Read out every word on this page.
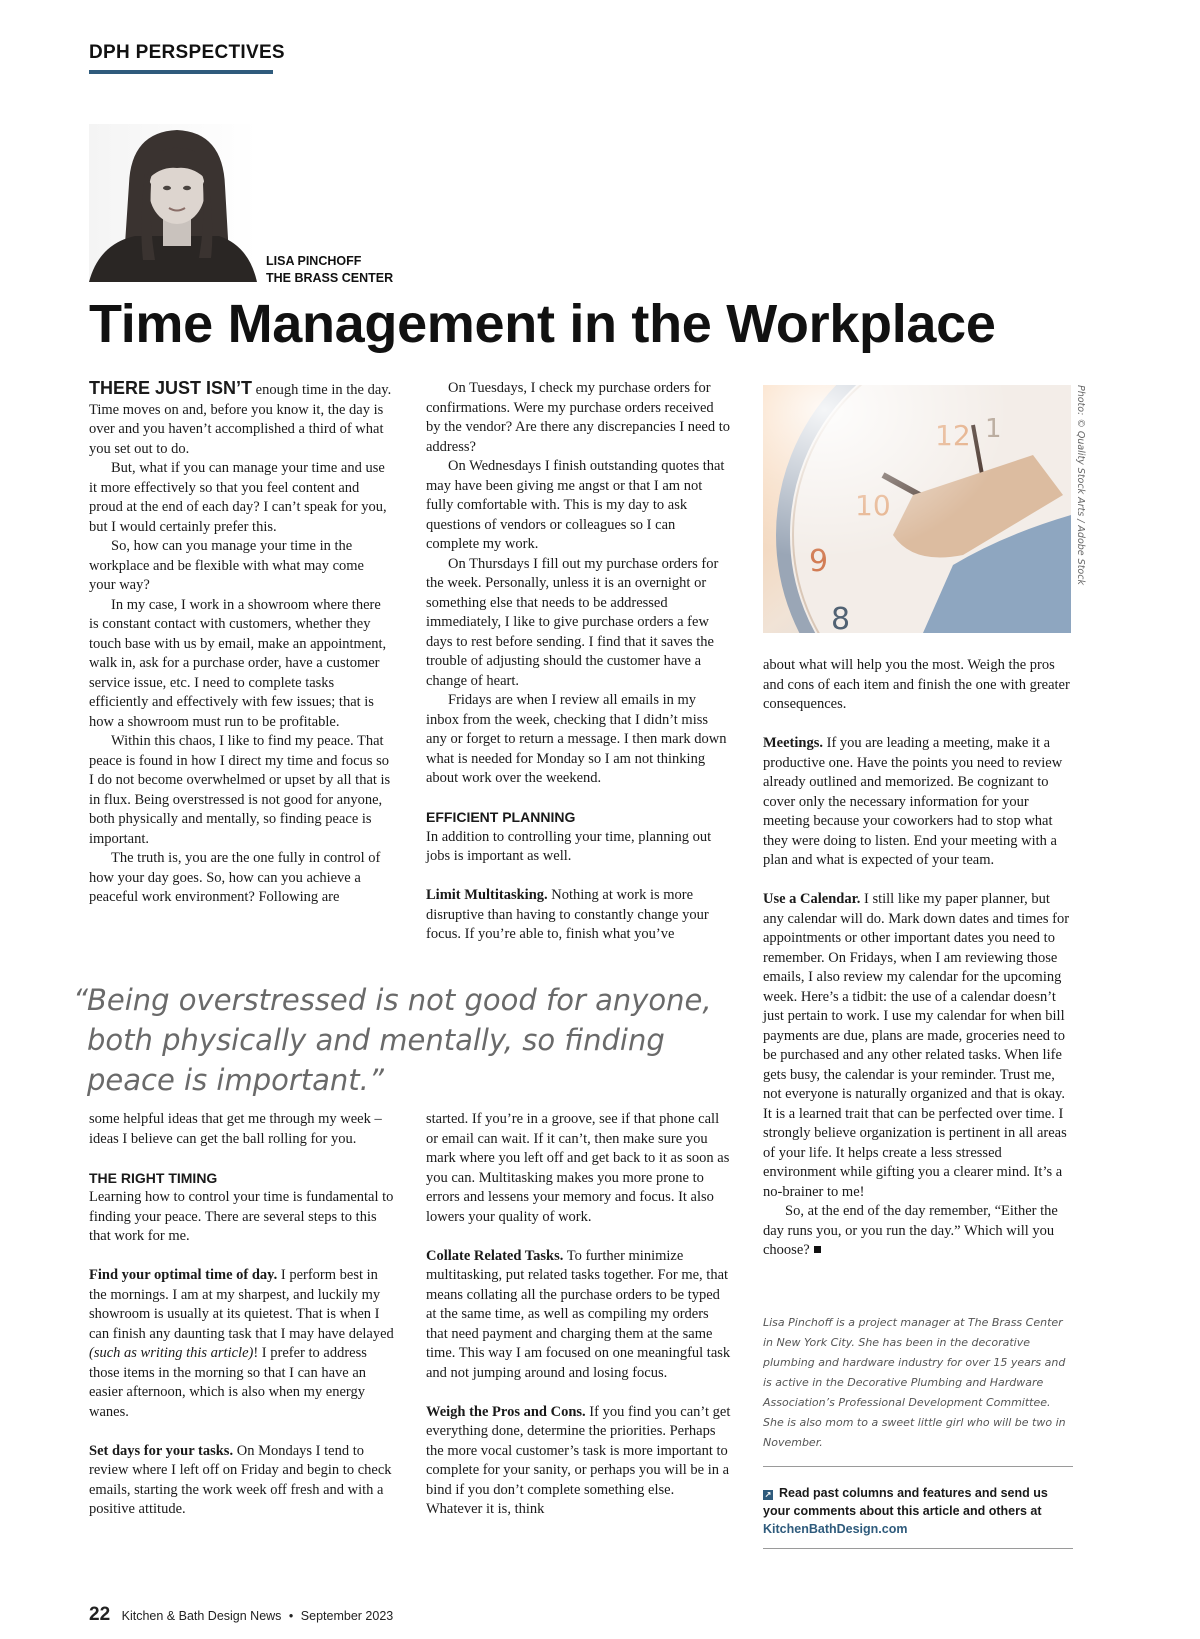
DPH PERSPECTIVES
LISA PINCHOFF
THE BRASS CENTER
Time Management in the Workplace

THERE JUST ISN’T enough time in the day. Time moves on and, before you know it, the day is over and you haven’t accomplished a third of what you set out to do.

But, what if you can manage your time and use it more effectively so that you feel content and proud at the end of each day? I can’t speak for you, but I would certainly prefer this.

So, how can you manage your time in the workplace and be flexible with what may come your way?

In my case, I work in a showroom where there is constant contact with customers, whether they touch base with us by email, make an appointment, walk in, ask for a purchase order, have a customer service issue, etc. I need to complete tasks efficiently and effectively with few issues; that is how a showroom must run to be profitable.

Within this chaos, I like to find my peace. That peace is found in how I direct my time and focus so I do not become overwhelmed or upset by all that is in flux. Being overstressed is not good for anyone, both physically and mentally, so finding peace is important.

The truth is, you are the one fully in control of how your day goes. So, how can you achieve a peaceful work environment? Following are

On Tuesdays, I check my purchase orders for confirmations. Were my purchase orders received by the vendor? Are there any discrepancies I need to address?

On Wednesdays I finish outstanding quotes that may have been giving me angst or that I am not fully comfortable with. This is my day to ask questions of vendors or colleagues so I can complete my work.

On Thursdays I fill out my purchase orders for the week. Personally, unless it is an overnight or something else that needs to be addressed immediately, I like to give purchase orders a few days to rest before sending. I find that it saves the trouble of adjusting should the customer have a change of heart.

Fridays are when I review all emails in my inbox from the week, checking that I didn’t miss any or forget to return a message. I then mark down what is needed for Monday so I am not thinking about work over the weekend.

EFFICIENT PLANNING

In addition to controlling your time, planning out jobs is important as well.

Limit Multitasking. Nothing at work is more disruptive than having to constantly change your focus. If you’re able to, finish what you’ve

Photo: © Quality Stock Arts / Adobe Stock

about what will help you the most. Weigh the pros and cons of each item and finish the one with greater consequences.

Meetings. If you are leading a meeting, make it a productive one. Have the points you need to review already outlined and memorized. Be cognizant to cover only the necessary information for your meeting because your coworkers had to stop what they were doing to listen. End your meeting with a plan and what is expected of your team.

Use a Calendar. I still like my paper planner, but any calendar will do. Mark down dates and times for appointments or other important dates you need to remember. On Fridays, when I am reviewing those emails, I also review my calendar for the upcoming week. Here’s a tidbit: the use of a calendar doesn’t just pertain to work. I use my calendar for when bill payments are due, plans are made, groceries need to be purchased and any other related tasks. When life gets busy, the calendar is your reminder. Trust me, not everyone is naturally organized and that is okay. It is a learned trait that can be perfected over time. I strongly believe organization is pertinent in all areas of your life. It helps create a less stressed environment while gifting you a clearer mind. It’s a no-brainer to me!

So, at the end of the day remember, “Either the day runs you, or you run the day.” Which will you choose?

“
Being overstressed is not good for anyone, both physically and mentally, so finding peace is important.”

some helpful ideas that get me through my week – ideas I believe can get the ball rolling for you.

THE RIGHT TIMING

Learning how to control your time is fundamental to finding your peace. There are several steps to this that work for me.

Find your optimal time of day. I perform best in the mornings. I am at my sharpest, and luckily my showroom is usually at its quietest. That is when I can finish any daunting task that I may have delayed (such as writing this article)! I prefer to address those items in the morning so that I can have an easier afternoon, which is also when my energy wanes.

Set days for your tasks. On Mondays I tend to review where I left off on Friday and begin to check emails, starting the work week off fresh and with a positive attitude.

started. If you’re in a groove, see if that phone call or email can wait. If it can’t, then make sure you mark where you left off and get back to it as soon as you can. Multitasking makes you more prone to errors and lessens your memory and focus. It also lowers your quality of work.

Collate Related Tasks. To further minimize multitasking, put related tasks together. For me, that means collating all the purchase orders to be typed at the same time, as well as compiling my orders that need payment and charging them at the same time. This way I am focused on one meaningful task and not jumping around and losing focus.

Weigh the Pros and Cons. If you find you can’t get everything done, determine the priorities. Perhaps the more vocal customer’s task is more important to complete for your sanity, or perhaps you will be in a bind if you don’t complete something else. Whatever it is, think

Lisa Pinchoff is a project manager at The Brass Center in New York City. She has been in the decorative plumbing and hardware industry for over 15 years and is active in the Decorative Plumbing and Hardware Association’s Professional Development Committee. She is also mom to a sweet little girl who will be two in November.
↗ Read past columns and features and send us your comments about this article and others at KitchenBathDesign.com
22 Kitchen & Bath Design News • September 2023
